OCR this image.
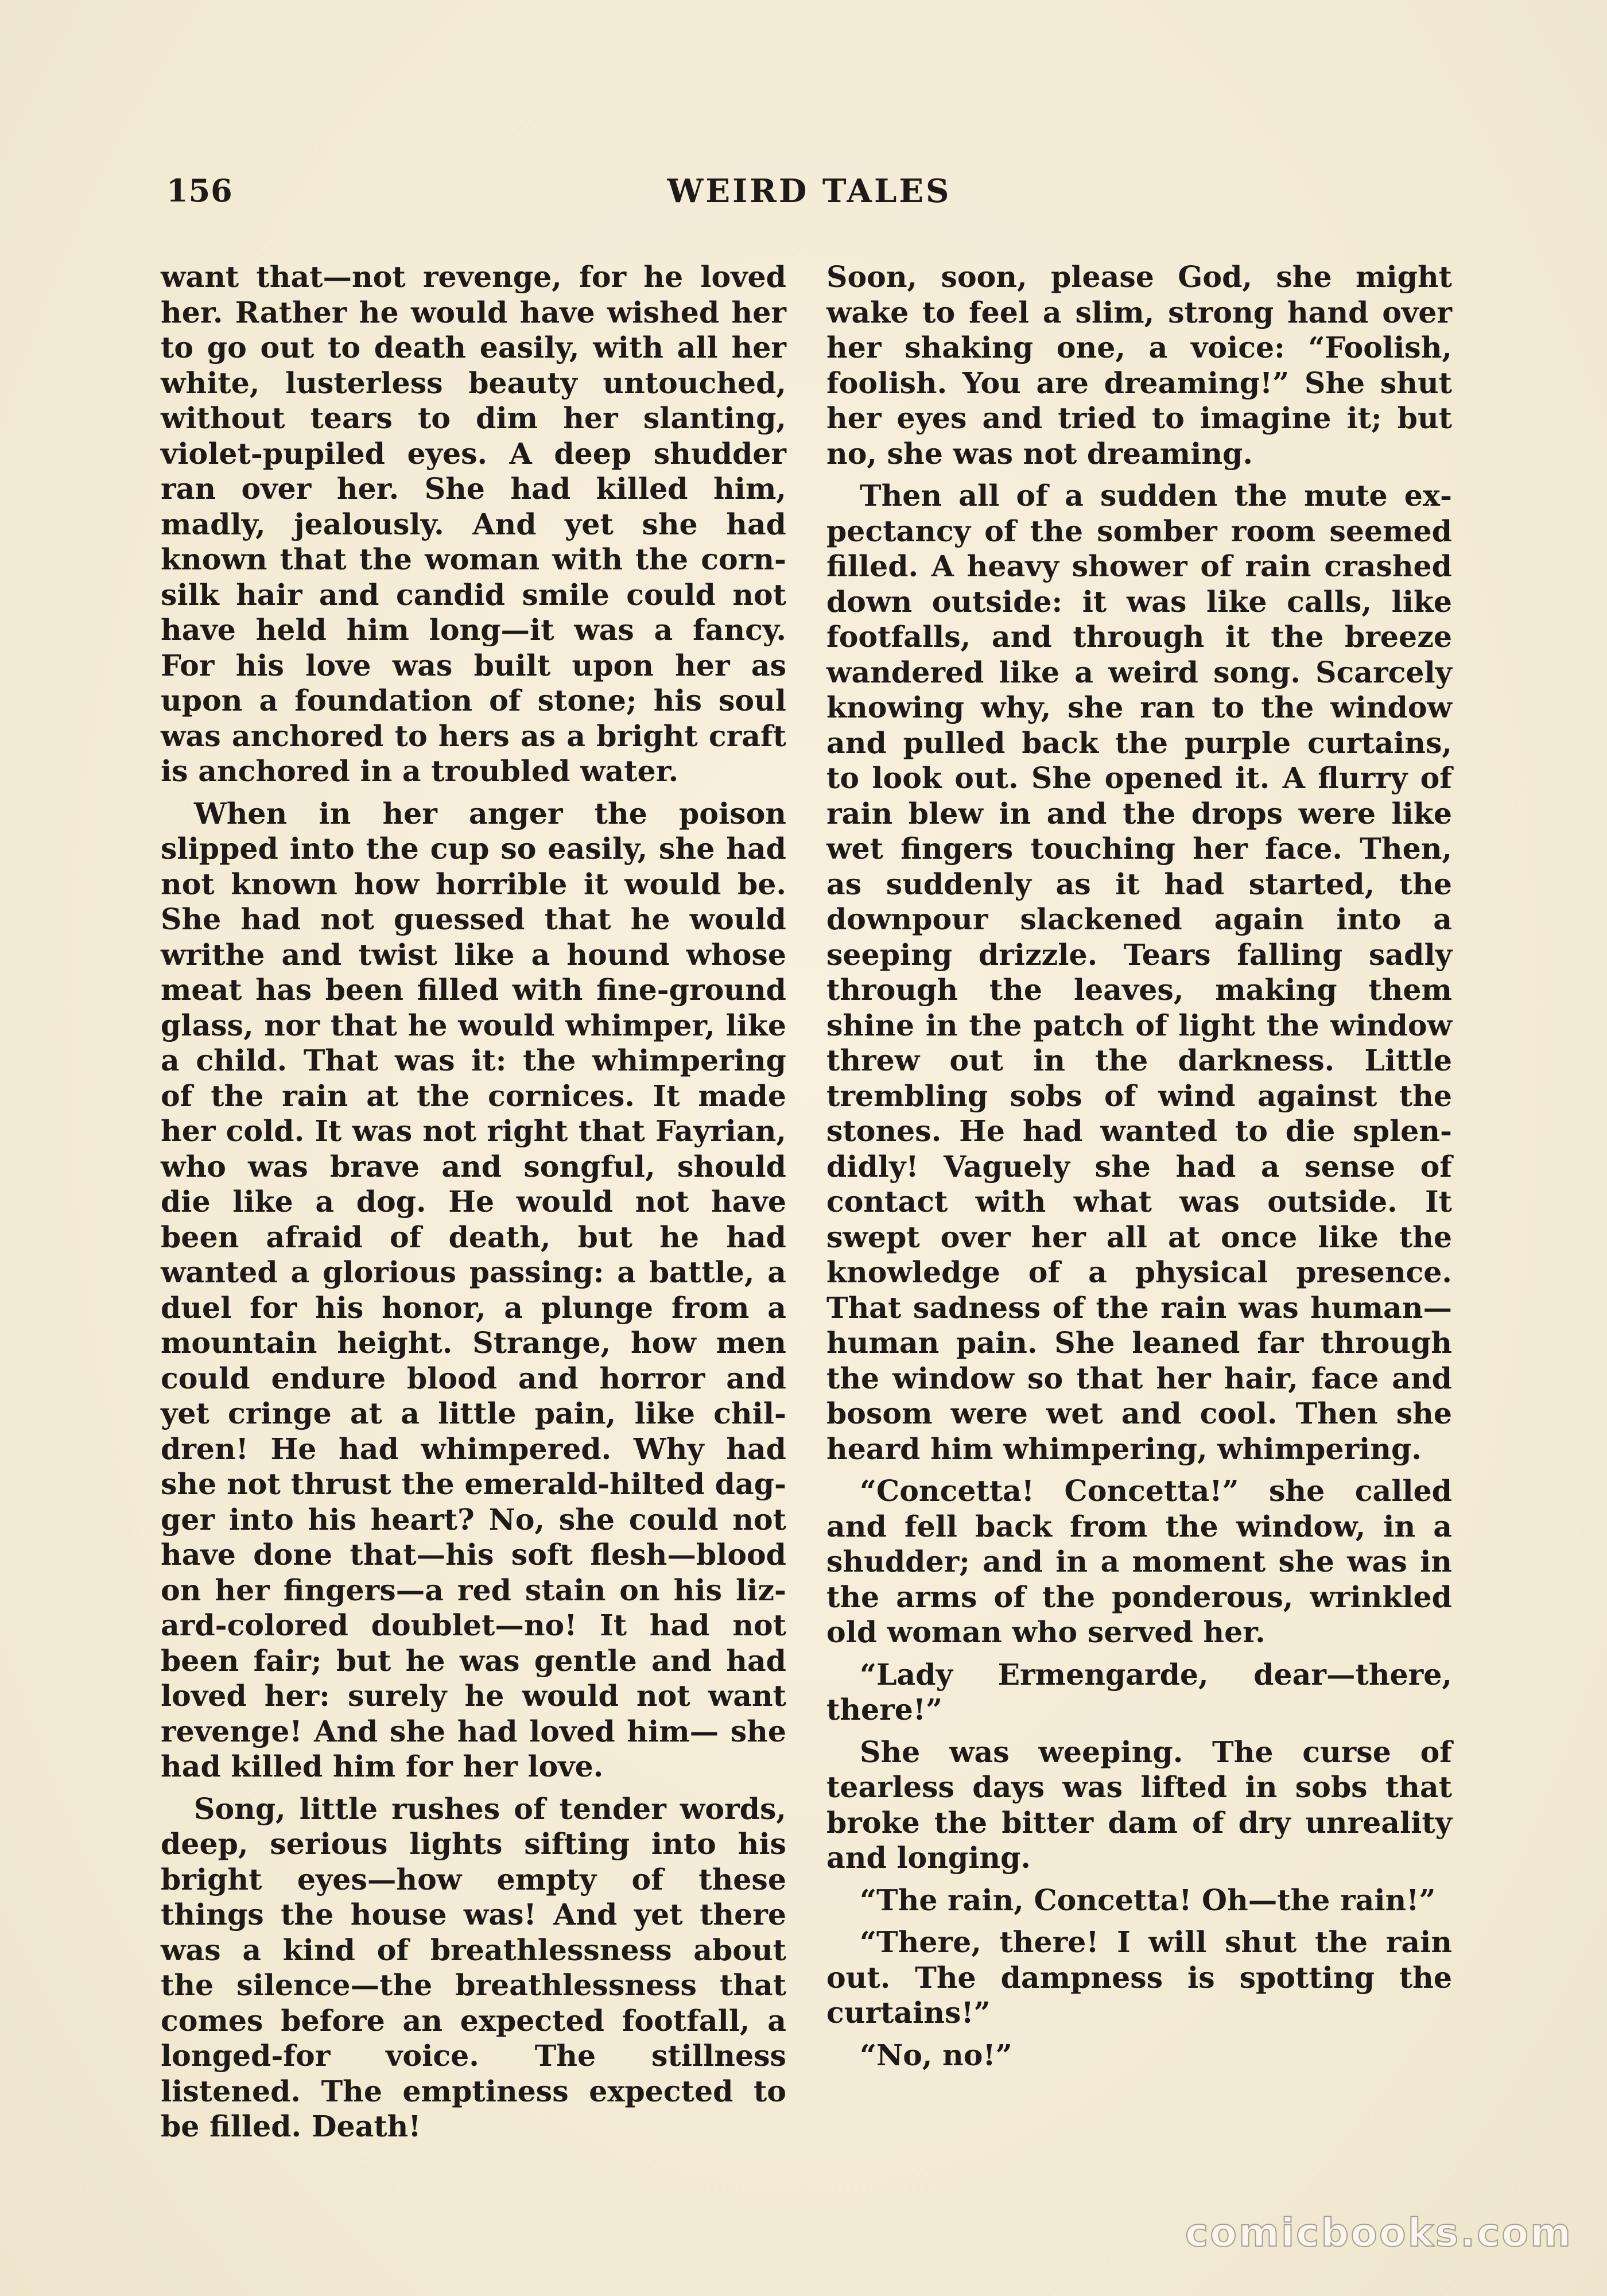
156	WEIRD TALES

want that—not revenge, for he loved her. Rather he would have wished her to go out to death easily, with all her white, lusterless beauty untouched, without tears to dim her slanting, violet-pupiled eyes. A deep shudder ran over her. She had killed him, madly, jealously. And yet she had known that the woman with the cornsilk hair and candid smile could not have held him long—it was a fancy. For his love was built upon her as upon a foundation of stone; his soul was anchored to hers as a bright craft is anchored in a troubled water.

When in her anger the poison slipped into the cup so easily, she had not known how horrible it would be. She had not guessed that he would writhe and twist like a hound whose meat has been filled with fine-ground glass, nor that he would whimper, like a child. That was it: the whimpering of the rain at the cornices. It made her cold. It was not right that Fayrian, who was brave and songful, should die like a dog. He would not have been afraid of death, but he had wanted a glorious passing: a battle, a duel for his honor, a plunge from a mountain height. Strange, how men could endure blood and horror and yet cringe at a little pain, like children! He had whimpered. Why had she not thrust the emerald-hilted dagger into his heart? No, she could not have done that—his soft flesh—blood on her fingers—a red stain on his lizard-colored doublet—no! It had not been fair; but he was gentle and had loved her: surely he would not want revenge! And she had loved him— she had killed him for her love.

Song, little rushes of tender words, deep, serious lights sifting into his bright eyes—how empty of these things the house was! And yet there was a kind of breathlessness about the silence—the breathlessness that comes before an expected footfall, a longed-for voice. The stillness listened. The emptiness expected to be filled. Death!

Soon, soon, please God, she might wake to feel a slim, strong hand over her shaking one, a voice: “Foolish, foolish. You are dreaming!” She shut her eyes and tried to imagine it; but no, she was not dreaming.

Then all of a sudden the mute expectancy of the somber room seemed filled. A heavy shower of rain crashed down outside: it was like calls, like footfalls, and through it the breeze wandered like a weird song. Scarcely knowing why, she ran to the window and pulled back the purple curtains, to look out. She opened it. A flurry of rain blew in and the drops were like wet fingers touching her face. Then, as suddenly as it had started, the downpour slackened again into a seeping drizzle. Tears falling sadly through the leaves, making them shine in the patch of light the window threw out in the darkness. Little trembling sobs of wind against the stones. He had wanted to die splendidly! Vaguely she had a sense of contact with what was outside. It swept over her all at once like the knowledge of a physical presence. That sadness of the rain was human— human pain. She leaned far through the window so that her hair, face and bosom were wet and cool. Then she heard him whimpering, whimpering.

“Concetta! Concetta!” she called and fell back from the window, in a shudder; and in a moment she was in the arms of the ponderous, wrinkled old woman who served her.

“Lady Ermengarde, dear—there, there!”

She was weeping. The curse of tearless days was lifted in sobs that broke the bitter dam of dry unreality and longing.

“The rain, Concetta! Oh—the rain!”

“There, there! I will shut the rain out. The dampness is spotting the curtains!”

“No, no!”

comicbooks.com
